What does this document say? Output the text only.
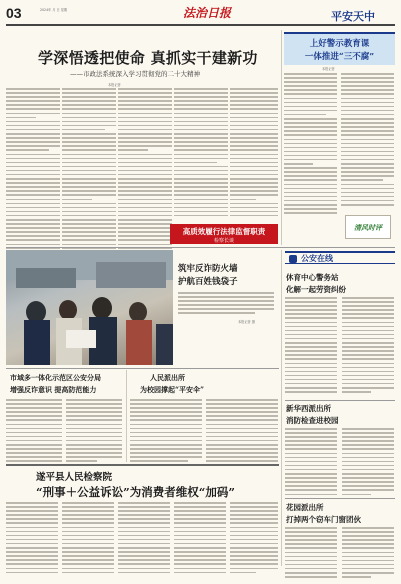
03	2024年 月 日 星期	法治日报	平安天中
学深悟透把使命 真抓实干建新功
——市政法系统深入学习贯彻党的二十大精神
本报记者
高质效履行法律监督职责
检察长谈
上好警示教育课
一体推进“三不腐”
本报记者
清风时评
筑牢反诈防火墙
护航百姓钱袋子
本报记者 摄
公安在线
休育中心警务站
化解一起劳资纠纷
市域多一体化示范区公安分局
增强反诈意识 提高防范能力
人民派出所
为校园撑起“平安伞”
新华西派出所
消防检查进校园
遂平县人民检察院
“刑事＋公益诉讼”为消费者维权“加码”
花园派出所
打掉两个窃车门窗团伙
